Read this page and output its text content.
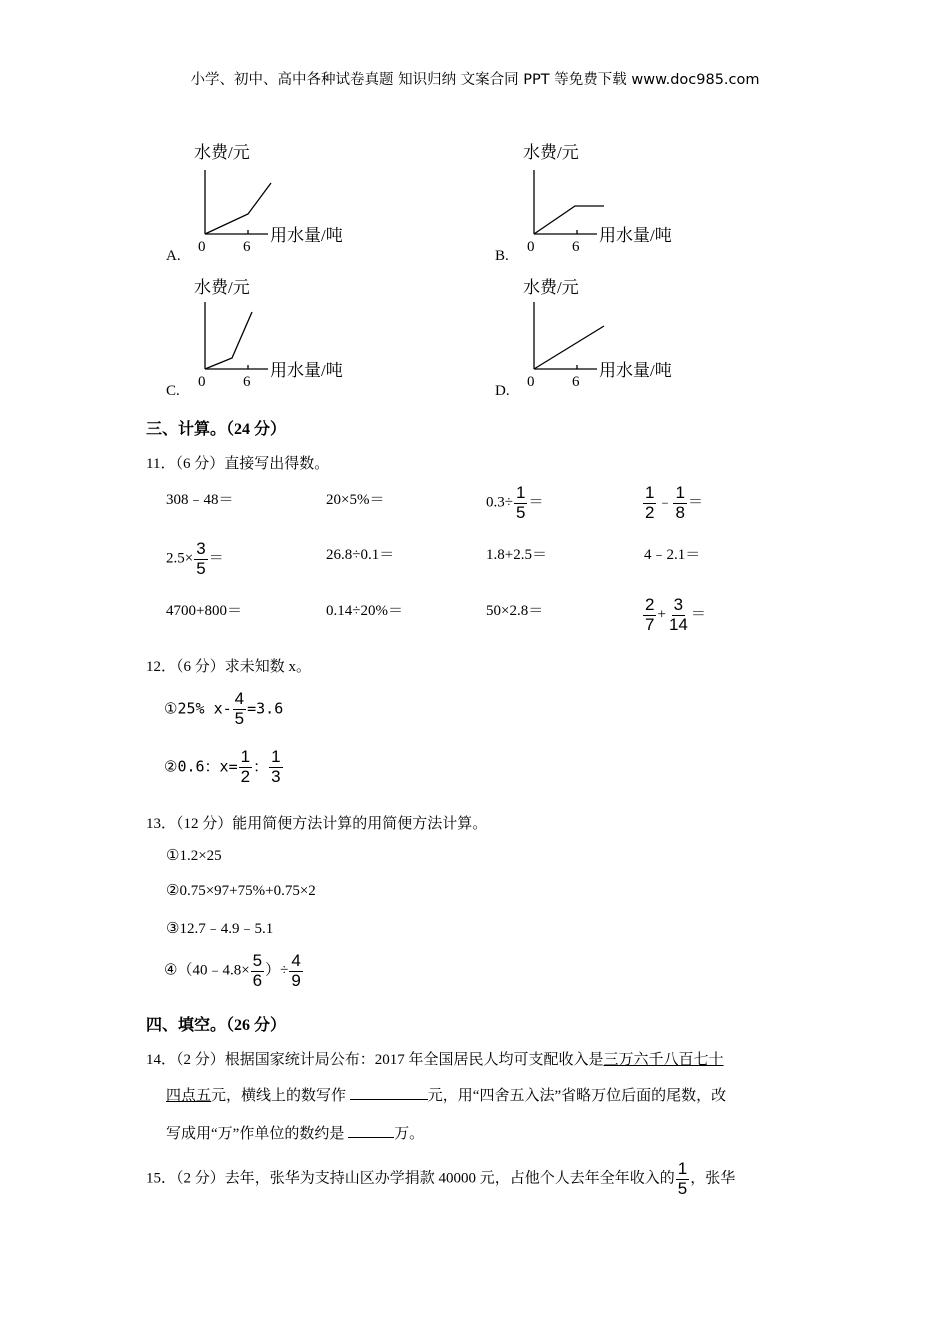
小学、初中、高中各种试卷真题 知识归纳 文案合同 PPT 等免费下载 www.doc985.com
水费/元
用水量/吨
0	6
A.
水费/元
用水量/吨
0	6
B.
水费/元
用水量/吨
0	6
C.
水费/元
用水量/吨
0	6
D.
三、计算。（24 分）
11．（6 分）直接写出得数。
308﹣48＝	20×5%＝	$0.3\div \frac{1}{5}$ ＝	$\frac{1}{2}$ ﹣ $\frac{1}{8}$ ＝
$2.5\times \frac{3}{5}$ ＝	26.8÷0.1＝	1.8+2.5＝	4﹣2.1＝
4700+800＝	0.14÷20%＝	50×2.8＝	$\frac{2}{7} + \frac{3}{14}$ ＝
12．（6 分）求未知数 x。
①25% $x- \frac{4}{5} =3.6$
②0.6：$x= \frac{1}{2}$ ： $\frac{1}{3}$
13．（12 分）能用简便方法计算的用简便方法计算。
①1.2×25
②0.75×97+75%+0.75×2
③12.7﹣4.9﹣5.1
④（40﹣4.8× $\frac{5}{6}$ ）÷ $\frac{4}{9}$
四、填空。（26 分）
14．（2 分）根据国家统计局公布：2017 年全国居民人均可支配收入是三万六千八百七十
四点五元，横线上的数写作	元，用“四舍五入法”省略万位后面的尾数，改
写成用“万”作单位的数约是	万。
15．（2 分）去年，张华为支持山区办学捐款 40000 元，占他个人去年全年收入的 $\frac{1}{5}$ ，张华
